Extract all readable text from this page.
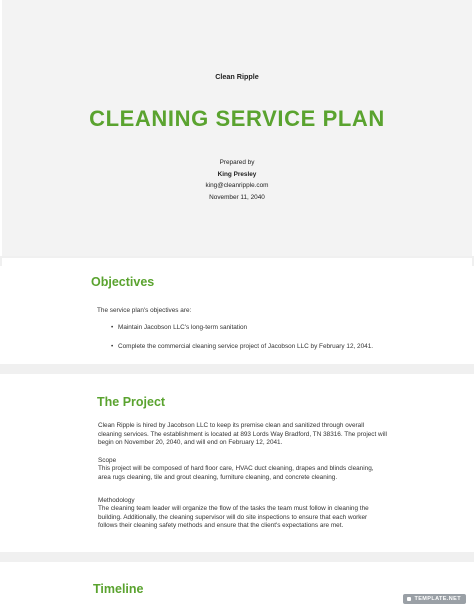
Clean Ripple
CLEANING SERVICE PLAN
Prepared by
King Presley
king@cleanripple.com
November 11, 2040
Objectives
The service plan's objectives are:
• Maintain Jacobson LLC's long-term sanitation
• Complete the commercial cleaning service project of Jacobson LLC by February 12, 2041.
The Project
Clean Ripple is hired by Jacobson LLC to keep its premise clean and sanitized through overall cleaning services. The establishment is located at 893 Lords Way Bradford, TN 38316. The project will begin on November 20, 2040, and will end on February 12, 2041.
Scope
This project will be composed of hard floor care, HVAC duct cleaning, drapes and blinds cleaning, area rugs cleaning, tile and grout cleaning, furniture cleaning, and concrete cleaning.
Methodology
The cleaning team leader will organize the flow of the tasks the team must follow in cleaning the building. Additionally, the cleaning supervisor will do site inspections to ensure that each worker follows their cleaning safety methods and ensure that the client's expectations are met.
Timeline
TEMPLATE.NET
